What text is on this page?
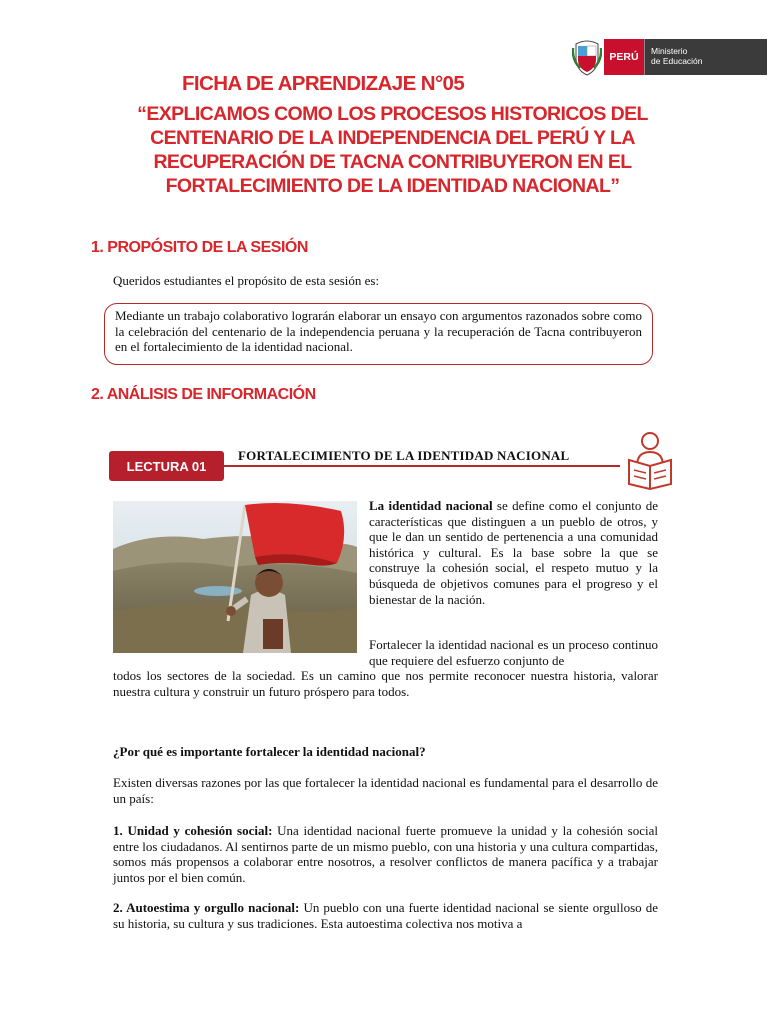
PERÚ	Ministerio
de Educación
FICHA DE APRENDIZAJE N°05
“EXPLICAMOS COMO LOS PROCESOS HISTORICOS DEL CENTENARIO DE LA INDEPENDENCIA DEL PERÚ Y LA RECUPERACIÓN DE TACNA CONTRIBUYERON EN EL FORTALECIMIENTO DE LA IDENTIDAD NACIONAL”
1. PROPÓSITO DE LA SESIÓN
Queridos estudiantes el propósito de esta sesión es:
Mediante un trabajo colaborativo lograrán elaborar un ensayo con argumentos razonados sobre como la celebración del centenario de la independencia peruana y la recuperación de Tacna contribuyeron en el fortalecimiento de la identidad nacional.
2. ANÁLISIS DE INFORMACIÓN
LECTURA 01
FORTALECIMIENTO DE LA IDENTIDAD NACIONAL
La identidad nacional se define como el conjunto de características que distinguen a un pueblo de otros, y que le dan un sentido de pertenencia a una comunidad histórica y cultural. Es la base sobre la que se construye la cohesión social, el respeto mutuo y la búsqueda de objetivos comunes para el progreso y el bienestar de la nación.
Fortalecer la identidad nacional es un proceso continuo que requiere del esfuerzo conjunto de
todos los sectores de la sociedad. Es un camino que nos permite reconocer nuestra historia, valorar nuestra cultura y construir un futuro próspero para todos.
¿Por qué es importante fortalecer la identidad nacional?
Existen diversas razones por las que fortalecer la identidad nacional es fundamental para el desarrollo de un país:
1. Unidad y cohesión social: Una identidad nacional fuerte promueve la unidad y la cohesión social entre los ciudadanos. Al sentirnos parte de un mismo pueblo, con una historia y una cultura compartidas, somos más propensos a colaborar entre nosotros, a resolver conflictos de manera pacífica y a trabajar juntos por el bien común.
2. Autoestima y orgullo nacional: Un pueblo con una fuerte identidad nacional se siente orgulloso de su historia, su cultura y sus tradiciones. Esta autoestima colectiva nos motiva a
